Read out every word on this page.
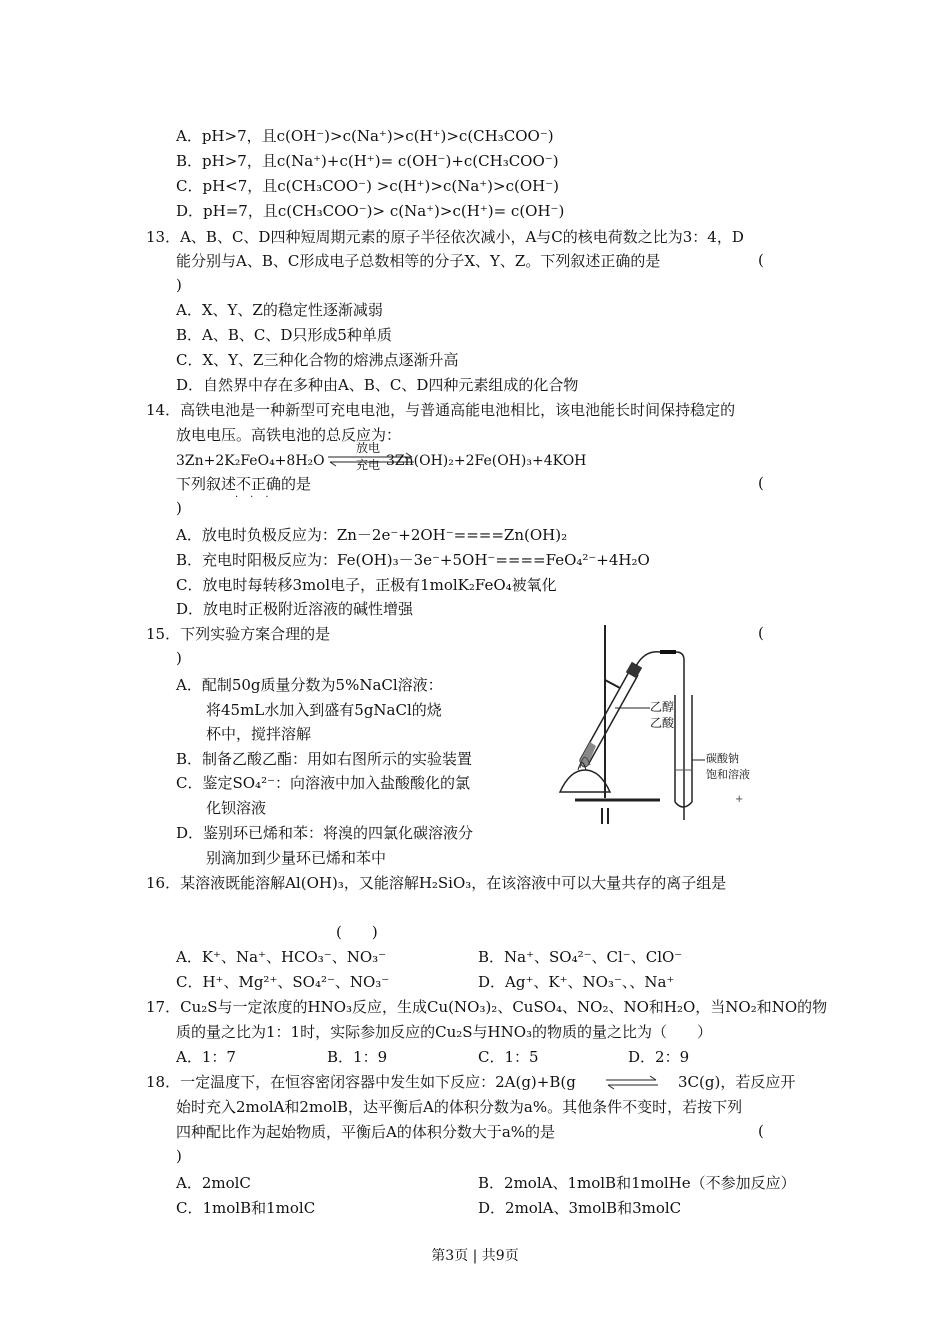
A．pH>7，且c(OH⁻)>c(Na⁺)>c(H⁺)>c(CH₃COO⁻)
B．pH>7，且c(Na⁺)+c(H⁺)= c(OH⁻)+c(CH₃COO⁻)
C．pH<7，且c(CH₃COO⁻) >c(H⁺)>c(Na⁺)>c(OH⁻)
D．pH=7，且c(CH₃COO⁻)> c(Na⁺)>c(H⁺)= c(OH⁻)
13．A、B、C、D四种短周期元素的原子半径依次减小，A与C的核电荷数之比为3：4，D
能分别与A、B、C形成电子总数相等的分子X、Y、Z。下列叙述正确的是	(
)
A．X、Y、Z的稳定性逐渐减弱
B．A、B、C、D只形成5种单质
C．X、Y、Z三种化合物的熔沸点逐渐升高
D．自然界中存在多种由A、B、C、D四种元素组成的化合物
14．高铁电池是一种新型可充电电池，与普通高能电池相比，该电池能长时间保持稳定的
放电电压。高铁电池的总反应为：
3Zn+2K₂FeO₄+8H₂O
放电
充电 3Zn(OH)₂+2Fe(OH)₃+4KOH
下列叙述不正确的是
·​·​·
(
)
A．放电时负极反应为：Zn－2e⁻+2OH⁻====Zn(OH)₂
B．充电时阳极反应为：Fe(OH)₃－3e⁻+5OH⁻====FeO₄²⁻+4H₂O
C．放电时每转移3mol电子，正极有1molK₂FeO₄被氧化
D．放电时正极附近溶液的碱性增强
15．下列实验方案合理的是	(
)
A．配制50g质量分数为5%NaCl溶液：
将45mL水加入到盛有5gNaCl的烧
杯中，搅拌溶解
B．制备乙酸乙酯：用如右图所示的实验装置
C．鉴定SO₄²⁻：向溶液中加入盐酸酸化的氯
化钡溶液
D．鉴别环已烯和苯：将溴的四氯化碳溶液分
别滴加到少量环已烯和苯中
+
乙醇
乙酸
碳酸钠
饱和溶液
16．某溶液既能溶解Al(OH)₃，又能溶解H₂SiO₃，在该溶液中可以大量共存的离子组是
(　　)
A．K⁺、Na⁺、HCO₃⁻、NO₃⁻	B．Na⁺、SO₄²⁻、Cl⁻、ClO⁻
C．H⁺、Mg²⁺、SO₄²⁻、NO₃⁻	D．Ag⁺、K⁺、NO₃⁻、、Na⁺
17．Cu₂S与一定浓度的HNO₃反应，生成Cu(NO₃)₂、CuSO₄、NO₂、NO和H₂O，当NO₂和NO的物
质的量之比为1：1时，实际参加反应的Cu₂S与HNO₃的物质的量之比为（　　）
A．1：7	B．1：9	C．1：5	D．2：9
18．一定温度下，在恒容密闭容器中发生如下反应：2A(g)+B(g ⇌ 3C(g)，若反应开
始时充入2molA和2molB，达平衡后A的体积分数为a%。其他条件不变时，若按下列
四种配比作为起始物质，平衡后A的体积分数大于a%的是	(
)
A．2molC	B．2molA、1molB和1molHe（不参加反应）
C．1molB和1molC	D．2molA、3molB和3molC
第3页 | 共9页
